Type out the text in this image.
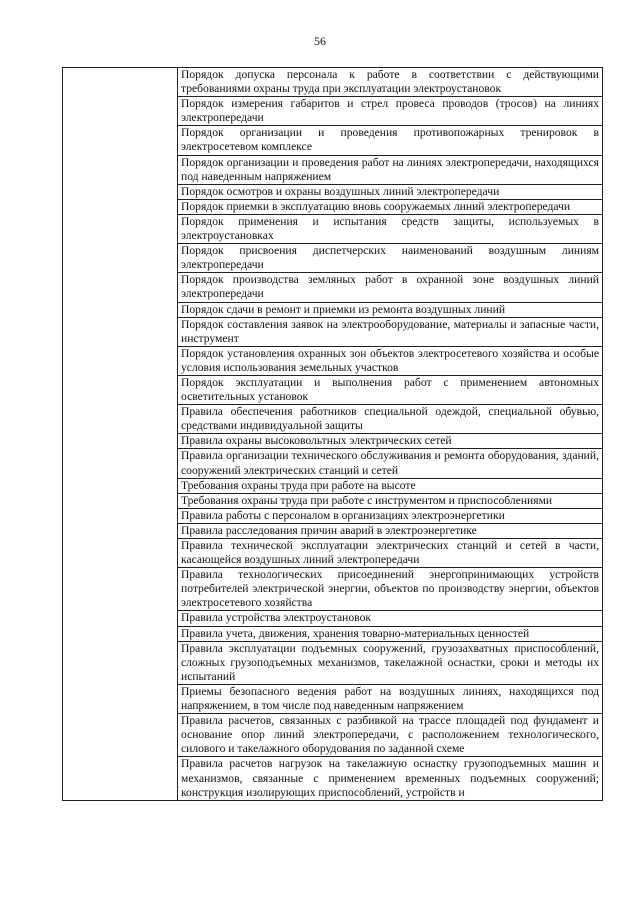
56
	Порядок допуска персонала к работе в соответствии с действующими требованиями охраны труда при эксплуатации электроустановок
Порядок измерения габаритов и стрел провеса проводов (тросов) на линиях электропередачи
Порядок организации и проведения противопожарных тренировок в электросетевом комплексе
Порядок организации и проведения работ на линиях электропередачи, находящихся под наведенным напряжением
Порядок осмотров и охраны воздушных линий электропередачи
Порядок приемки в эксплуатацию вновь сооружаемых линий электропередачи
Порядок применения и испытания средств защиты, используемых в электроустановках
Порядок присвоения диспетчерских наименований воздушным линиям электропередачи
Порядок производства земляных работ в охранной зоне воздушных линий электропередачи
Порядок сдачи в ремонт и приемки из ремонта воздушных линий
Порядок составления заявок на электрооборудование, материалы и запасные части, инструмент
Порядок установления охранных зон объектов электросетевого хозяйства и особые условия использования земельных участков
Порядок эксплуатации и выполнения работ с применением автономных осветительных установок
Правила обеспечения работников специальной одеждой, специальной обувью, средствами индивидуальной защиты
Правила охраны высоковольтных электрических сетей
Правила организации технического обслуживания и ремонта оборудования, зданий, сооружений электрических станций и сетей
Требования охраны труда при работе на высоте
Требования охраны труда при работе с инструментом и приспособлениями
Правила работы с персоналом в организациях электроэнергетики
Правила расследования причин аварий в электроэнергетике
Правила технической эксплуатации электрических станций и сетей в части, касающейся воздушных линий электропередачи
Правила технологических присоединений энергопринимающих устройств потребителей электрической энергии, объектов по производству энергии, объектов электросетевого хозяйства
Правила устройства электроустановок
Правила учета, движения, хранения товарно-материальных ценностей
Правила эксплуатации подъемных сооружений, грузозахватных приспособлений, сложных грузоподъемных механизмов, такелажной оснастки, сроки и методы их испытаний
Приемы безопасного ведения работ на воздушных линиях, находящихся под напряжением, в том числе под наведенным напряжением
Правила расчетов, связанных с разбивкой на трассе площадей под фундамент и основание опор линий электропередачи, с расположением технологического, силового и такелажного оборудования по заданной схеме
Правила расчетов нагрузок на такелажную оснастку грузоподъемных машин и механизмов, связанные с применением временных подъемных сооружений; конструкция изолирующих приспособлений, устройств и
